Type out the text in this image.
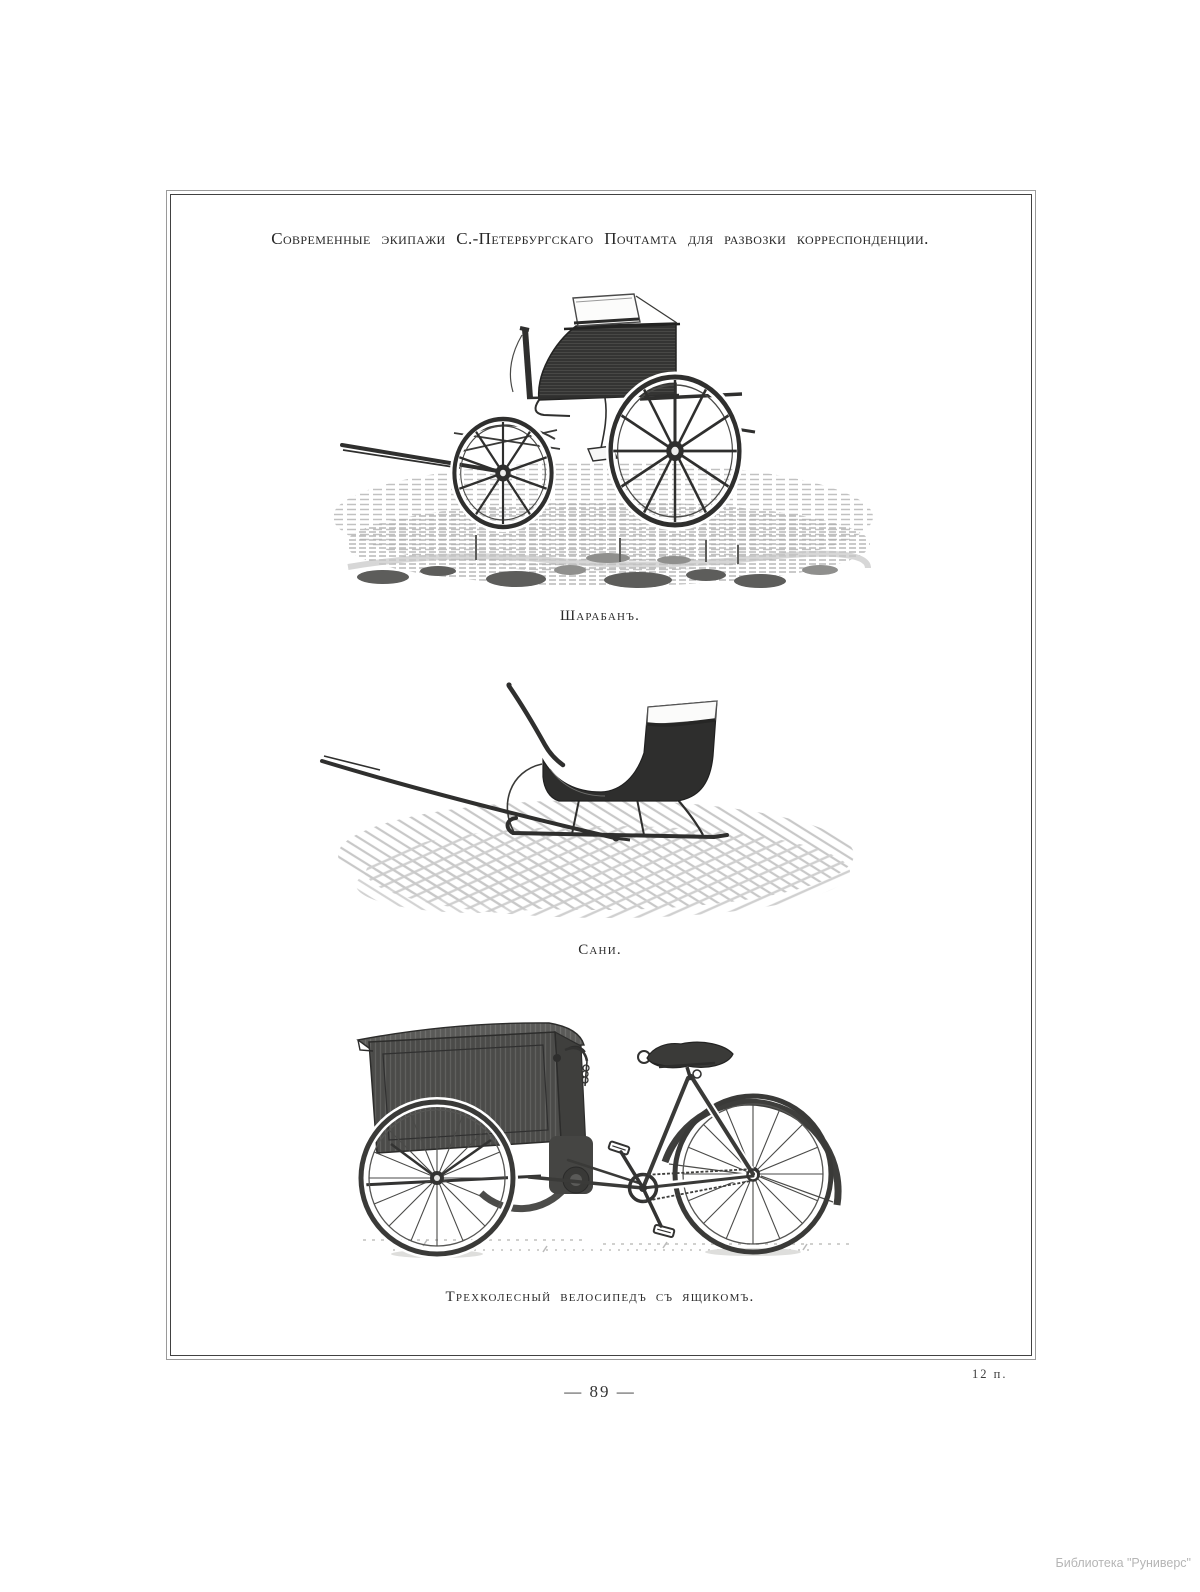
Современные экипажи С.-Петербургскаго Почтамта для развозки корреспонденции.
Шарабанъ.
Сани.
Трехколесный велосипедъ съ ящикомъ.
12 п.
— 89 —
Библиотека "Руниверс"
